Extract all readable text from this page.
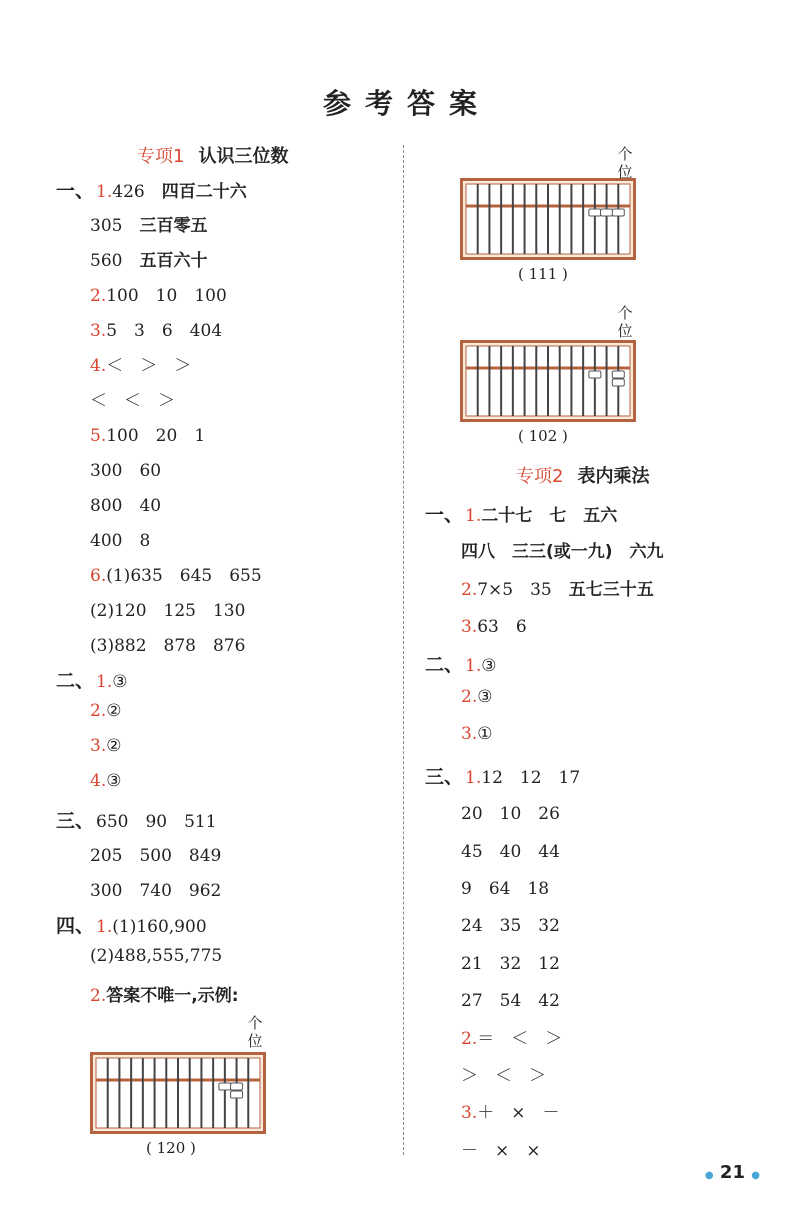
参考答案
专项1 认识三位数
专项2 表内乘法
一、 1.426　四百二十六
305　三百零五
560　五百六十
2.100　10　100
3.5　3　6　404
4.＜　＞　＞
＜　＜　＞
5.100　20　1
300　60
800　40
400　8
6.(1)635　645　655
(2)120　125　130
(3)882　878　876
二、 1.③
2.②
3.②
4.③
三、 650　90　511
205　500　849
300　740　962
四、 1.(1)160,900
(2)488,555,775
2.答案不唯一,示例:
一、 1.二十七　七　五六
四八　三三(或一九)　六九
2.7×5　35　五七三十五
3.63　6
二、 1.③
2.③
3.①
三、 1.12　12　17
20　10　26
45　40　44
9　64　18
24　35　32
21　32　12
27　54　42
2.＝　＜　＞
＞　＜　＞
3.＋　×　－
－　×　×
( 111 )
个
位
( 102 )
个
位
( 120 )
个
位
● 21 ●
